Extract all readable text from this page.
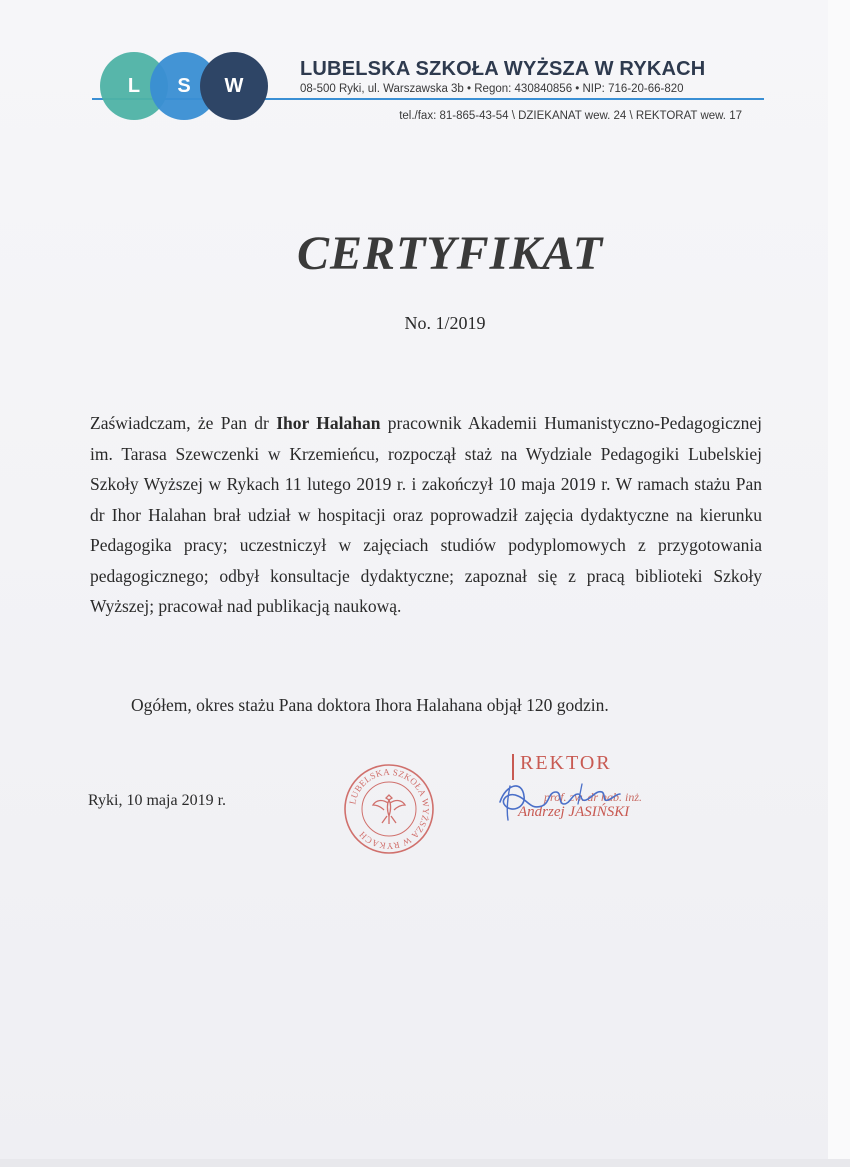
L	S	W
LUBELSKA SZKOŁA WYŻSZA W RYKACH
08-500 Ryki, ul. Warszawska 3b • Regon: 430840856 • NIP: 716-20-66-820
tel./fax: 81-865-43-54 \ DZIEKANAT wew. 24 \ REKTORAT wew. 17
CERTYFIKAT
No. 1/2019
Zaświadczam, że Pan dr Ihor Halahan pracownik Akademii Humanistyczno-Pedagogicznej im. Tarasa Szewczenki w Krzemieńcu, rozpoczął staż na Wydziale Pedagogiki Lubelskiej Szkoły Wyższej w Rykach 11 lutego 2019 r. i zakończył 10 maja 2019 r. W ramach stażu Pan dr Ihor Halahan brał udział w hospitacji oraz poprowadził zajęcia dydaktyczne na kierunku Pedagogika pracy; uczestniczył w zajęciach studiów podyplomowych z przygotowania pedagogicznego; odbył konsultacje dydaktyczne; zapoznał się z pracą biblioteki Szkoły Wyższej; pracował nad publikacją naukową.
Ogółem, okres stażu Pana doktora Ihora Halahana objął 120 godzin.
Ryki, 10 maja 2019 r.	LUBELSKA SZKOŁA WYŻSZA W RYKACH
REKTOR
prof. zw. dr hab. inż.
Andrzej JASIŃSKI
